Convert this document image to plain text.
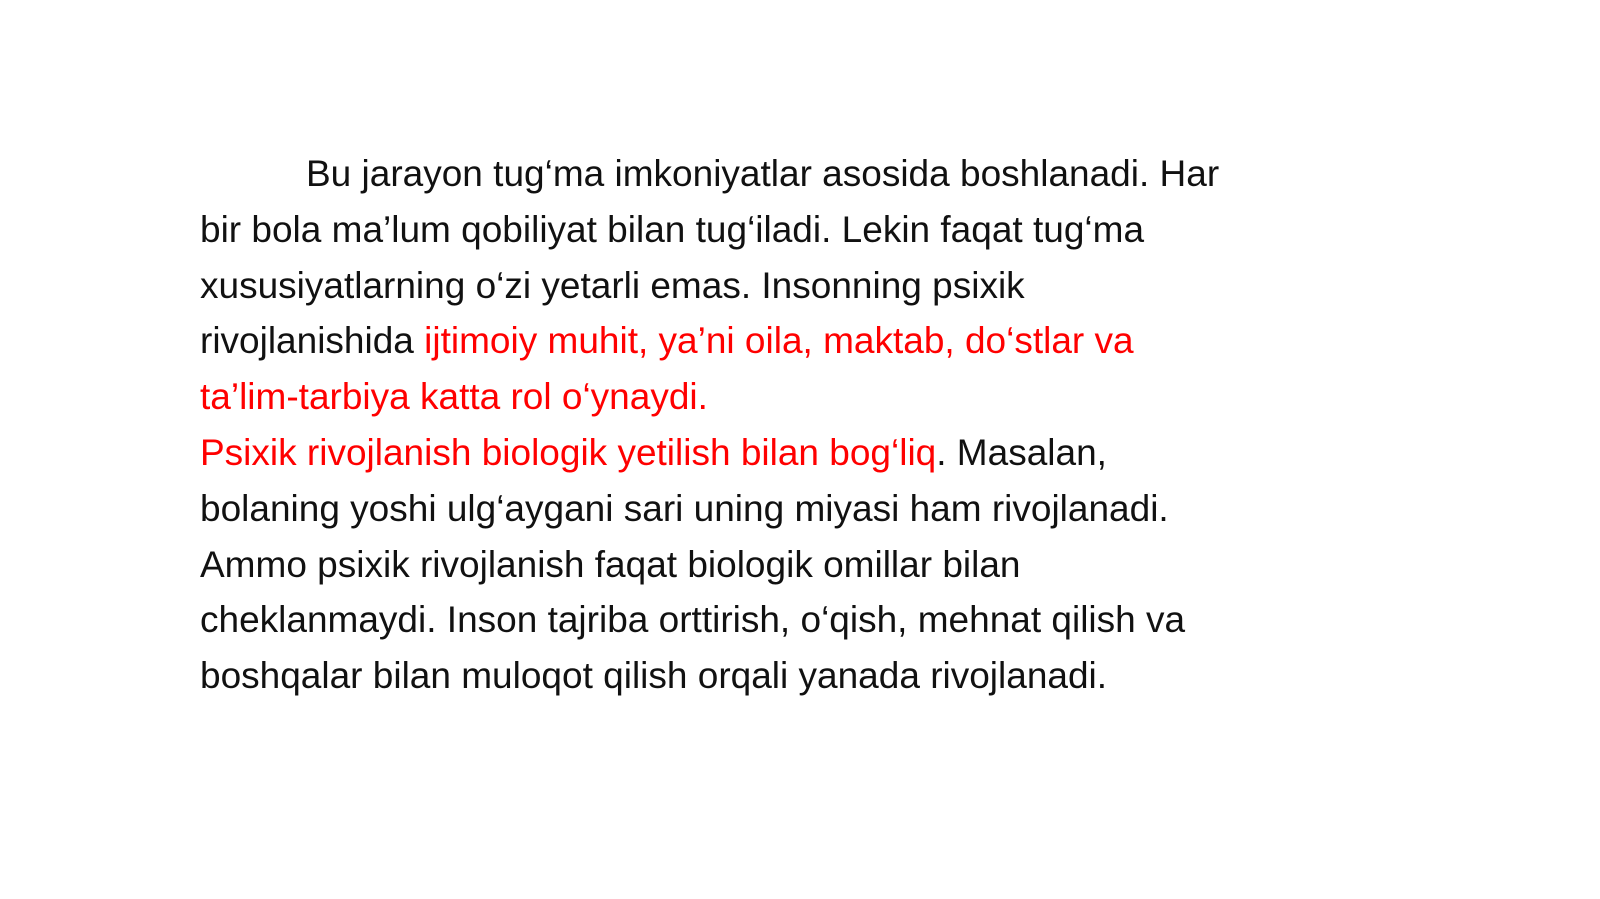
Bu jarayon tug‘ma imkoniyatlar asosida boshlanadi. Har
bir bola ma’lum qobiliyat bilan tug‘iladi. Lekin faqat tug‘ma
xususiyatlarning o‘zi yetarli emas. Insonning psixik
rivojlanishida ijtimoiy muhit, ya’ni oila, maktab, do‘stlar va
ta’lim-tarbiya katta rol o‘ynaydi.
Psixik rivojlanish biologik yetilish bilan bog‘liq. Masalan,
bolaning yoshi ulg‘aygani sari uning miyasi ham rivojlanadi.
Ammo psixik rivojlanish faqat biologik omillar bilan
cheklanmaydi. Inson tajriba orttirish, o‘qish, mehnat qilish va
boshqalar bilan muloqot qilish orqali yanada rivojlanadi.
